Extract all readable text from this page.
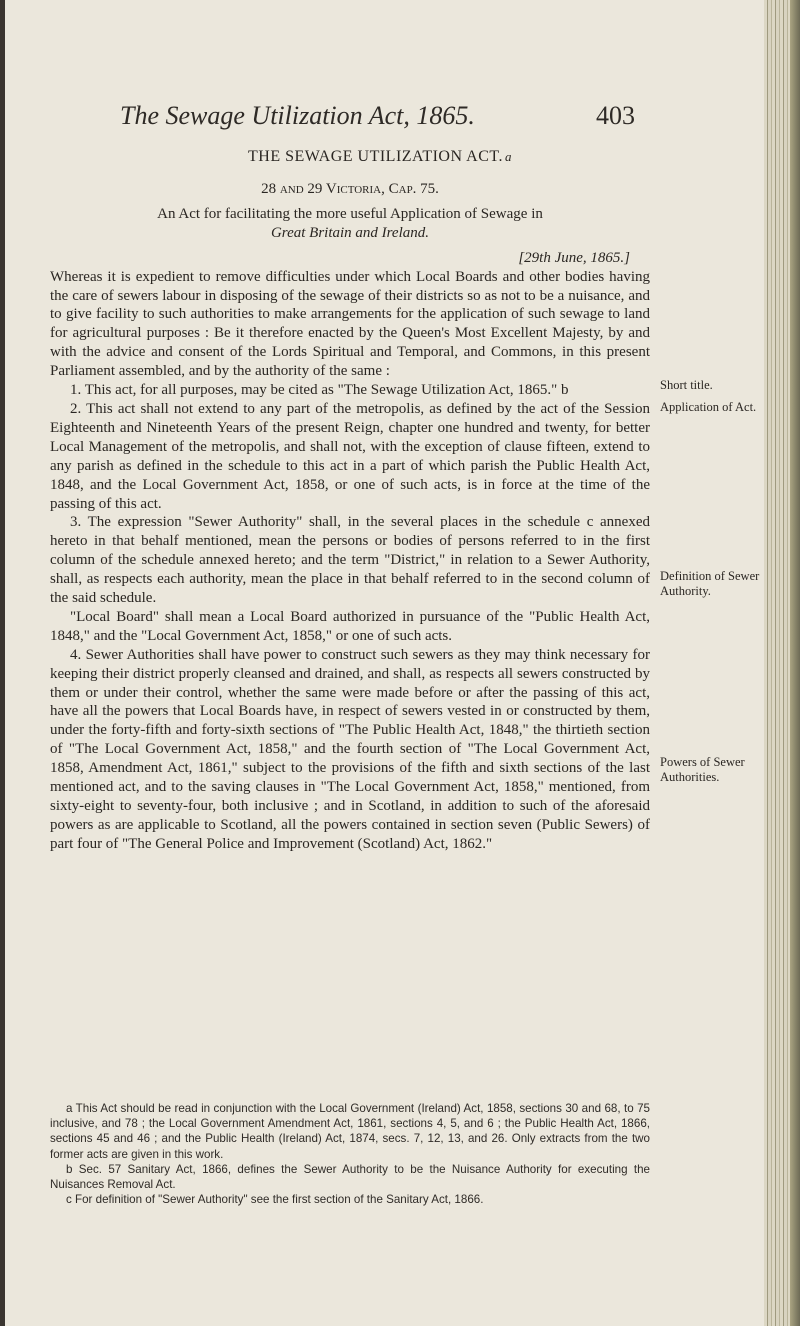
The Sewage Utilization Act, 1865.	403
THE SEWAGE UTILIZATION ACT. a
28 and 29 Victoria, Cap. 75.
An Act for facilitating the more useful Application of Sewage in
Great Britain and Ireland.
[29th June, 1865.]

Whereas it is expedient to remove difficulties under which Local Boards and other bodies having the care of sewers labour in disposing of the sewage of their districts so as not to be a nuisance, and to give facility to such authorities to make arrangements for the application of such sewage to land for agricultural purposes : Be it therefore enacted by the Queen's Most Excellent Majesty, by and with the advice and consent of the Lords Spiritual and Temporal, and Commons, in this present Parliament assembled, and by the authority of the same :

1. This act, for all purposes, may be cited as "The Sewage Utilization Act, 1865." b

2. This act shall not extend to any part of the metropolis, as defined by the act of the Session Eighteenth and Nineteenth Years of the present Reign, chapter one hundred and twenty, for better Local Management of the metropolis, and shall not, with the exception of clause fifteen, extend to any parish as defined in the schedule to this act in a part of which parish the Public Health Act, 1848, and the Local Government Act, 1858, or one of such acts, is in force at the time of the passing of this act.

3. The expression "Sewer Authority" shall, in the several places in the schedule c annexed hereto in that behalf mentioned, mean the persons or bodies of persons referred to in the first column of the schedule annexed hereto; and the term "District," in relation to a Sewer Authority, shall, as respects each authority, mean the place in that behalf referred to in the second column of the said schedule.

"Local Board" shall mean a Local Board authorized in pursuance of the "Public Health Act, 1848," and the "Local Government Act, 1858," or one of such acts.

4. Sewer Authorities shall have power to construct such sewers as they may think necessary for keeping their district properly cleansed and drained, and shall, as respects all sewers constructed by them or under their control, whether the same were made before or after the passing of this act, have all the powers that Local Boards have, in respect of sewers vested in or constructed by them, under the forty-fifth and forty-sixth sections of "The Public Health Act, 1848," the thirtieth section of "The Local Government Act, 1858," and the fourth section of "The Local Government Act, 1858, Amendment Act, 1861," subject to the provisions of the fifth and sixth sections of the last mentioned act, and to the saving clauses in "The Local Government Act, 1858," mentioned, from sixty-eight to seventy-four, both inclusive ; and in Scotland, in addition to such of the aforesaid powers as are applicable to Scotland, all the powers contained in section seven (Public Sewers) of part four of "The General Police and Improvement (Scotland) Act, 1862."

Short title.
Application of Act.
Definition of Sewer Authority.
Powers of Sewer Authorities.

a This Act should be read in conjunction with the Local Government (Ireland) Act, 1858, sections 30 and 68, to 75 inclusive, and 78 ; the Local Government Amendment Act, 1861, sections 4, 5, and 6 ; the Public Health Act, 1866, sections 45 and 46 ; and the Public Health (Ireland) Act, 1874, secs. 7, 12, 13, and 26. Only extracts from the two former acts are given in this work.

b Sec. 57 Sanitary Act, 1866, defines the Sewer Authority to be the Nuisance Authority for executing the Nuisances Removal Act.

c For definition of "Sewer Authority" see the first section of the Sanitary Act, 1866.
